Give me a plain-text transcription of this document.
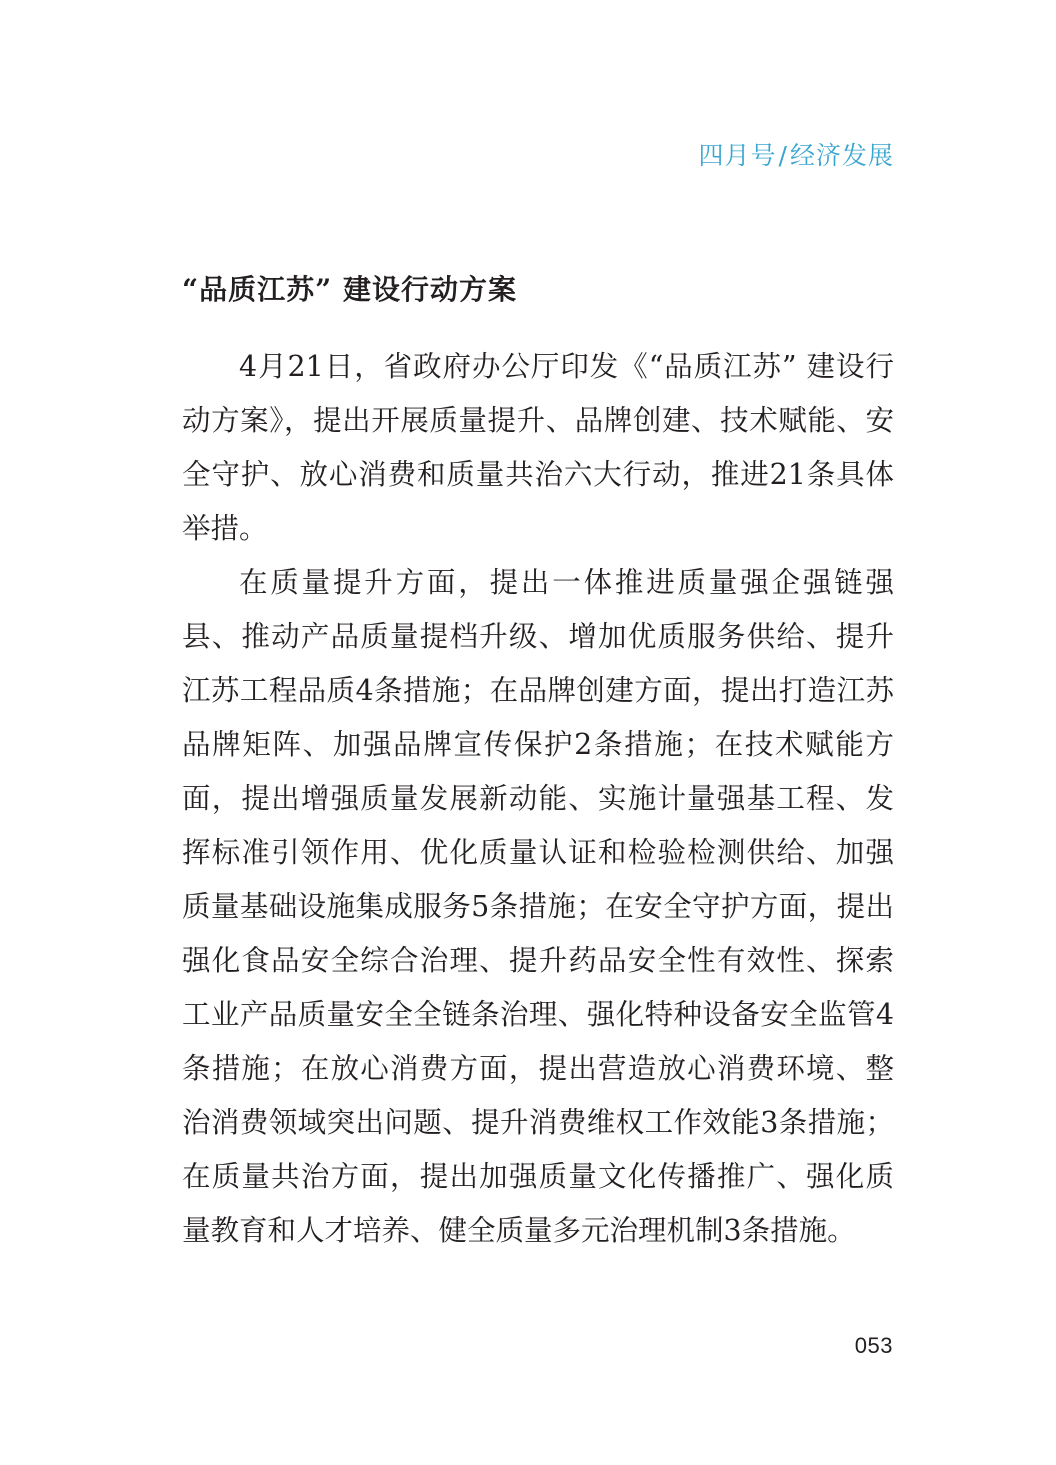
四月号/经济发展
“品质江苏” 建设行动方案

4月21日，省政府办公厅印发《“品质江苏” 建设行动方案》，提出开展质量提升、品牌创建、技术赋能、安全守护、放心消费和质量共治六大行动，推进21条具体举措。

在质量提升方面，提出一体推进质量强企强链强县、推动产品质量提档升级、增加优质服务供给、提升江苏工程品质4条措施；在品牌创建方面，提出打造江苏品牌矩阵、加强品牌宣传保护2条措施；在技术赋能方面，提出增强质量发展新动能、实施计量强基工程、发挥标准引领作用、优化质量认证和检验检测供给、加强质量基础设施集成服务5条措施；在安全守护方面，提出强化食品安全综合治理、提升药品安全性有效性、探索工业产品质量安全全链条治理、强化特种设备安全监管4条措施；在放心消费方面，提出营造放心消费环境、整治消费领域突出问题、提升消费维权工作效能3条措施；在质量共治方面，提出加强质量文化传播推广、强化质量教育和人才培养、健全质量多元治理机制3条措施。

053
